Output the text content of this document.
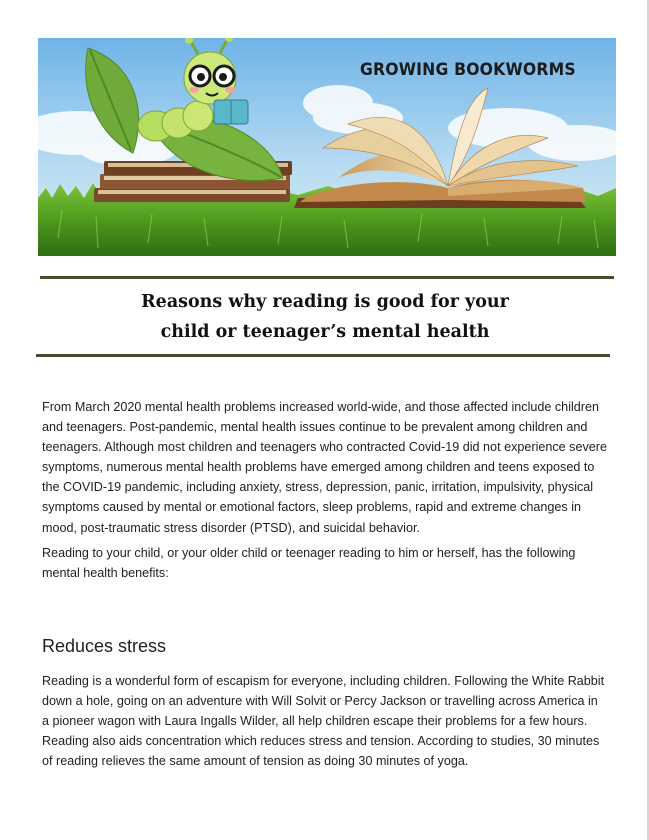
GROWING BOOKWORMS
Reasons why reading is good for your
child or teenager’s mental health

From March 2020 mental health problems increased world-wide, and those affected include children and teenagers. Post-pandemic, mental health issues continue to be prevalent among children and teenagers. Although most children and teenagers who contracted Covid-19 did not experience severe symptoms, numerous mental health problems have emerged among children and teens exposed to the COVID-19 pandemic, including anxiety, stress, depression, panic, irritation, impulsivity, physical symptoms caused by mental or emotional factors, sleep problems, rapid and extreme changes in mood, post-traumatic stress disorder (PTSD), and suicidal behavior.

Reading to your child, or your older child or teenager reading to him or herself, has the following mental health benefits:

Reduces stress

Reading is a wonderful form of escapism for everyone, including children. Following the White Rabbit down a hole, going on an adventure with Will Solvit or Percy Jackson or travelling across America in a pioneer wagon with Laura Ingalls Wilder, all help children escape their problems for a few hours. Reading also aids concentration which reduces stress and tension. According to studies, 30 minutes of reading relieves the same amount of tension as doing 30 minutes of yoga.
